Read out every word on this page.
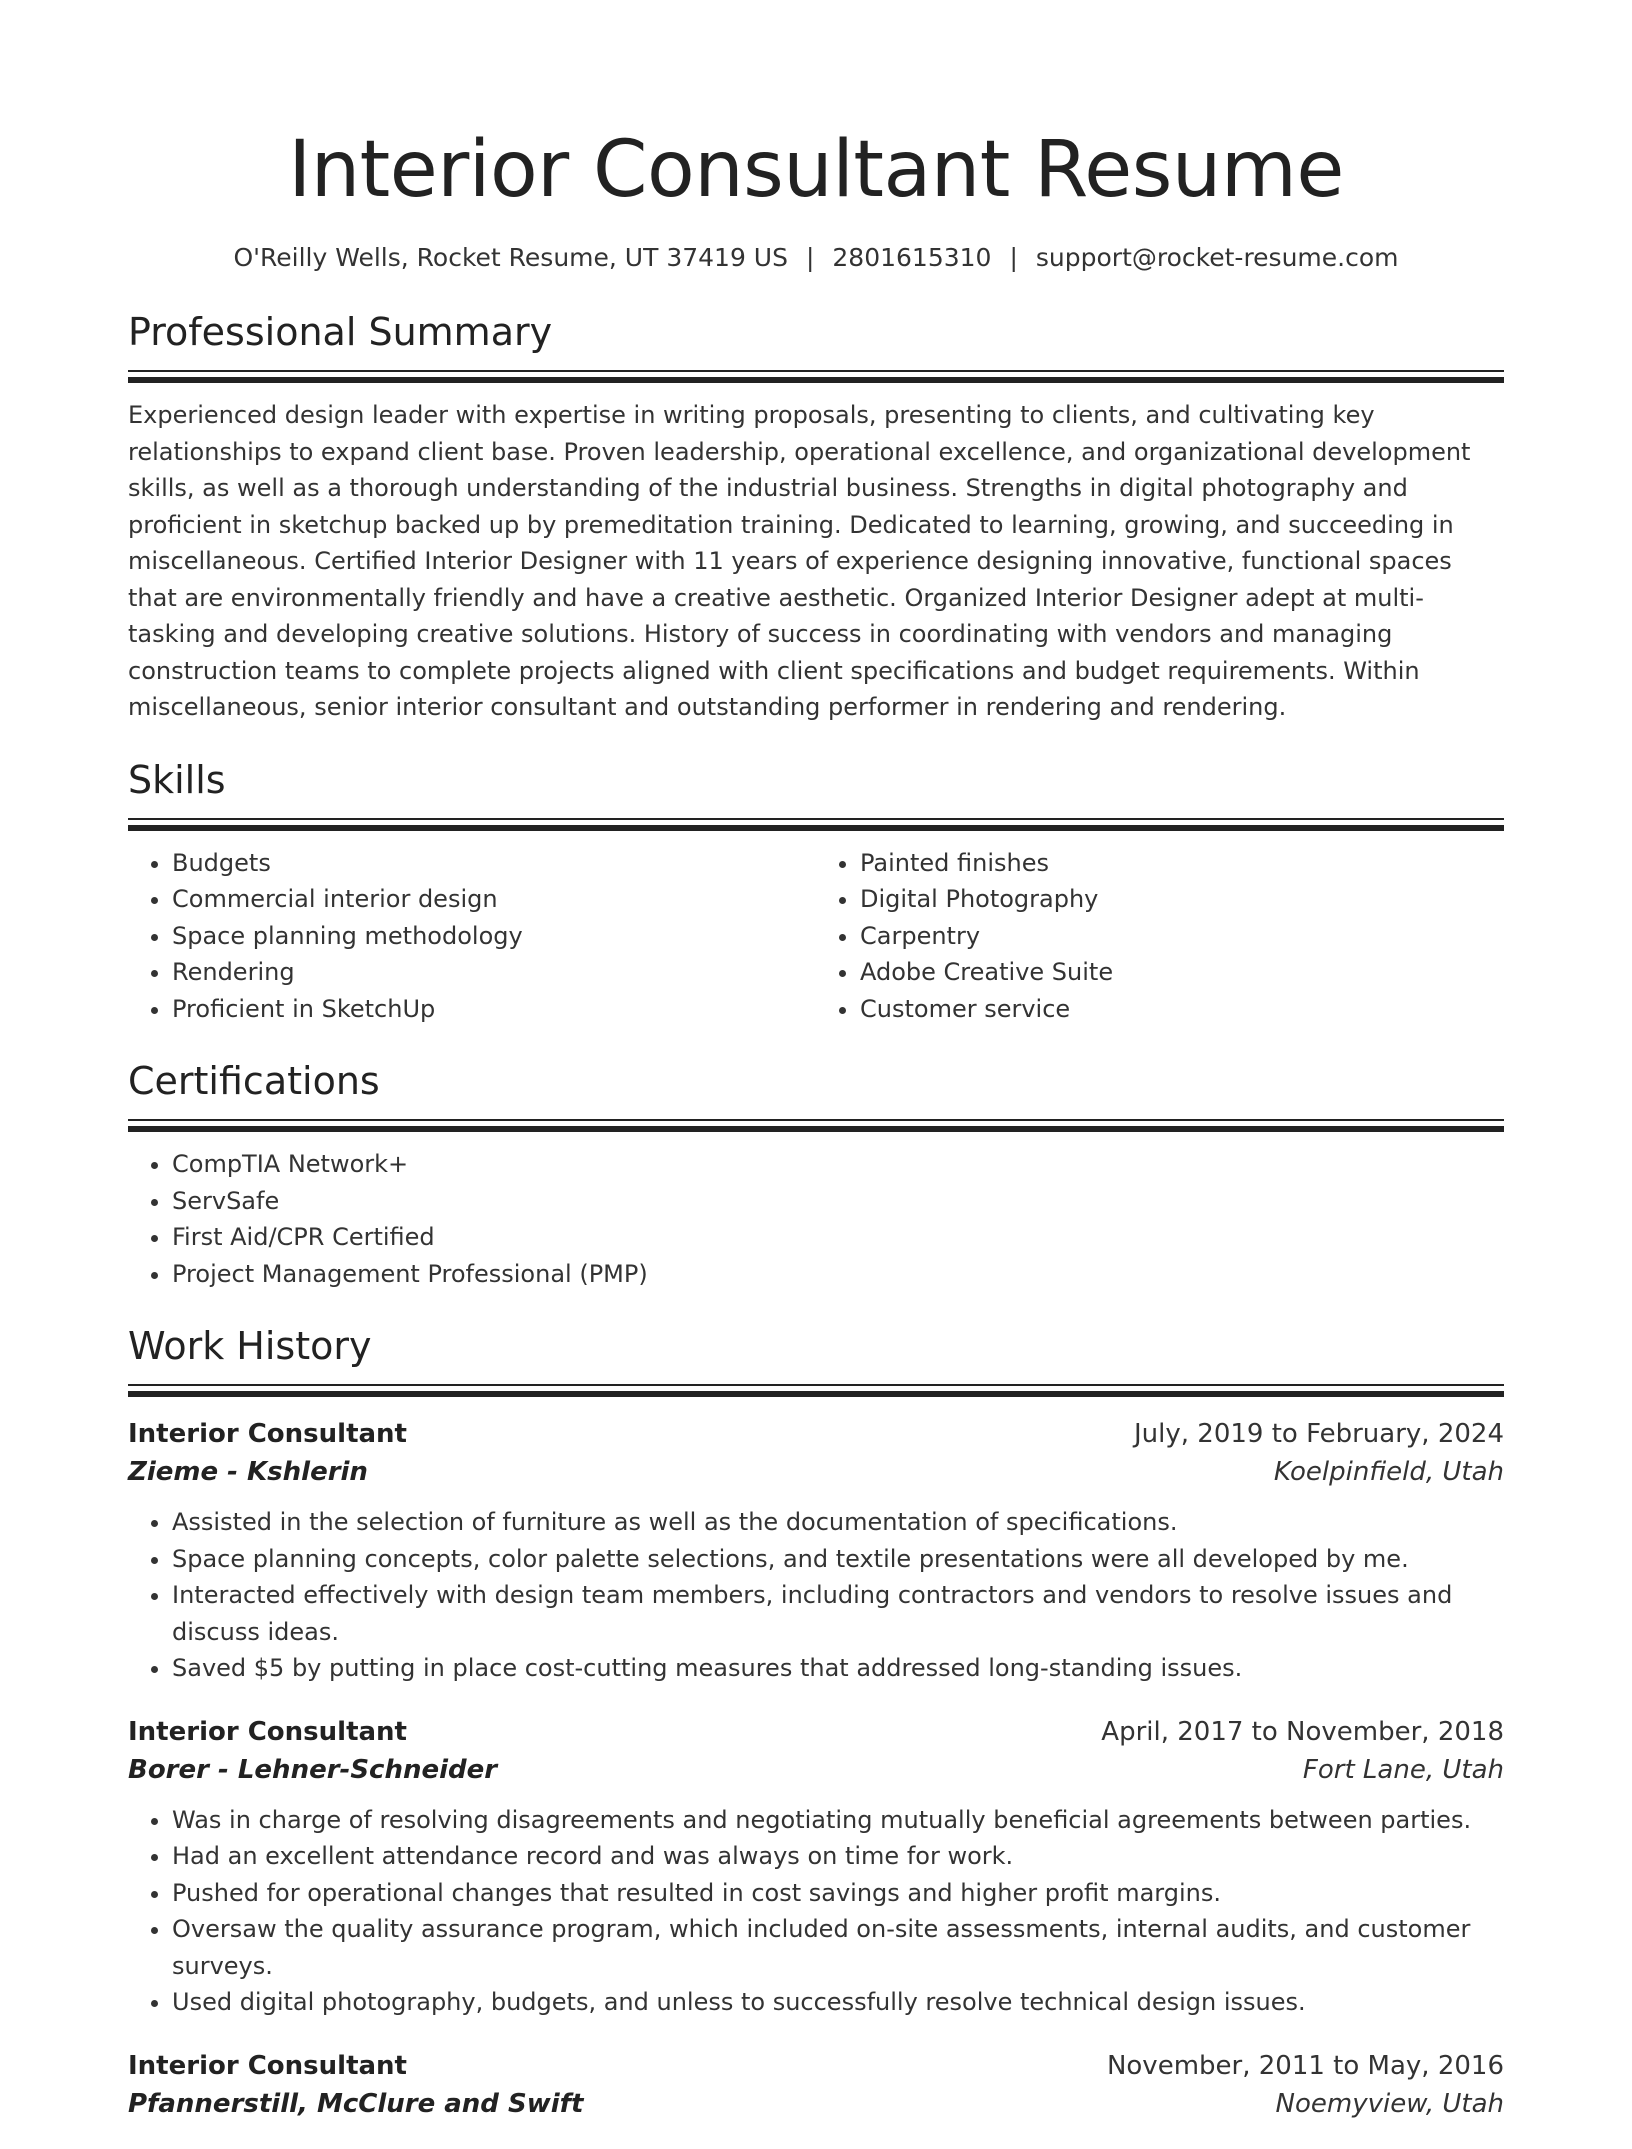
Interior Consultant Resume
O'Reilly Wells, Rocket Resume, UT 37419 US | 2801615310 | support@rocket-resume.com
Professional Summary

Experienced design leader with expertise in writing proposals, presenting to clients, and cultivating key relationships to expand client base. Proven leadership, operational excellence, and organizational development skills, as well as a thorough understanding of the industrial business. Strengths in digital photography and proficient in sketchup backed up by premeditation training. Dedicated to learning, growing, and succeeding in miscellaneous. Certified Interior Designer with 11 years of experience designing innovative, functional spaces that are environmentally friendly and have a creative aesthetic. Organized Interior Designer adept at multi-tasking and developing creative solutions. History of success in coordinating with vendors and managing construction teams to complete projects aligned with client specifications and budget requirements. Within miscellaneous, senior interior consultant and outstanding performer in rendering and rendering.

Skills
• Budgets
• Commercial interior design
• Space planning methodology
• Rendering
• Proficient in SketchUp
• Painted finishes
• Digital Photography
• Carpentry
• Adobe Creative Suite
• Customer service
Certifications
• CompTIA Network+
• ServSafe
• First Aid/CPR Certified
• Project Management Professional (PMP)
Work History
Interior Consultant	July, 2019 to February, 2024
Zieme - Kshlerin	Koelpinfield, Utah
• Assisted in the selection of furniture as well as the documentation of specifications.
• Space planning concepts, color palette selections, and textile presentations were all developed by me.
• Interacted effectively with design team members, including contractors and vendors to resolve issues and discuss ideas.
• Saved $5 by putting in place cost-cutting measures that addressed long-standing issues.
Interior Consultant	April, 2017 to November, 2018
Borer - Lehner-Schneider	Fort Lane, Utah
• Was in charge of resolving disagreements and negotiating mutually beneficial agreements between parties.
• Had an excellent attendance record and was always on time for work.
• Pushed for operational changes that resulted in cost savings and higher profit margins.
• Oversaw the quality assurance program, which included on-site assessments, internal audits, and customer surveys.
• Used digital photography, budgets, and unless to successfully resolve technical design issues.
Interior Consultant	November, 2011 to May, 2016
Pfannerstill, McClure and Swift	Noemyview, Utah
